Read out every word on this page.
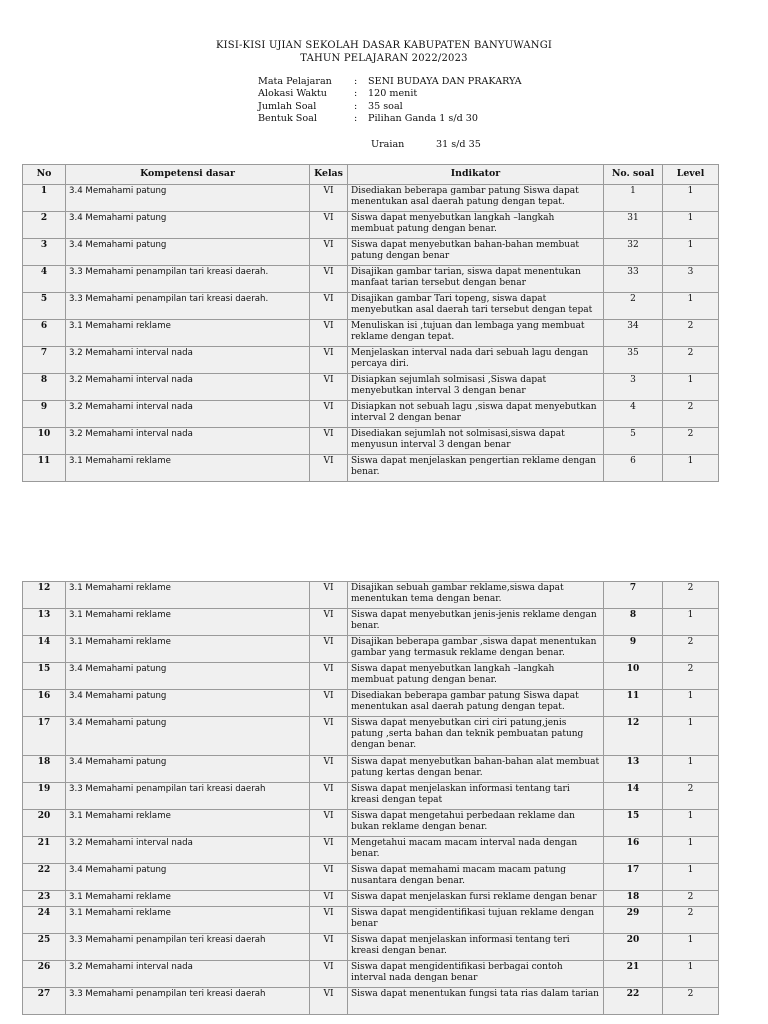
KISI-KISI UJIAN SEKOLAH DASAR KABUPATEN BANYUWANGI
TAHUN PELAJARAN 2022/2023
Mata Pelajaran	:	SENI BUDAYA DAN PRAKARYA
Alokasi Waktu	:	120 menit
Jumlah Soal	:	35 soal
Bentuk Soal	:	Pilihan Ganda 1 s/d 30
Uraian	31 s/d 35
No	Kompetensi dasar	Kelas	Indikator	No. soal	Level
1	3.4 Memahami patung	VI	Disediakan beberapa gambar patung Siswa dapat menentukan asal daerah patung dengan tepat.	1	1
2	3.4 Memahami patung	VI	Siswa dapat menyebutkan langkah –langkah membuat patung dengan benar.	31	1
3	3.4 Memahami patung	VI	Siswa dapat menyebutkan bahan-bahan membuat patung dengan benar	32	1
4	3.3 Memahami penampilan tari kreasi daerah.	VI	Disajikan gambar tarian, siswa dapat menentukan manfaat tarian tersebut dengan benar	33	3
5	3.3 Memahami penampilan tari kreasi daerah.	VI	Disajikan gambar Tari topeng, siswa dapat menyebutkan asal daerah tari tersebut dengan tepat	2	1
6	3.1 Memahami reklame	VI	Menuliskan isi ,tujuan dan lembaga yang membuat reklame dengan tepat.	34	2
7	3.2 Memahami interval nada	VI	Menjelaskan interval nada dari sebuah lagu dengan percaya diri.	35	2
8	3.2 Memahami interval nada	VI	Disiapkan sejumlah solmisasi ,Siswa dapat menyebutkan interval 3 dengan benar	3	1
9	3.2 Memahami interval nada	VI	Disiapkan not sebuah lagu ,siswa dapat menyebutkan interval 2 dengan benar	4	2
10	3.2 Memahami interval nada	VI	Disediakan sejumlah not solmisasi,siswa dapat menyusun interval 3 dengan benar	5	2
11	3.1 Memahami reklame	VI	Siswa dapat menjelaskan pengertian reklame dengan benar.	6	1
12	3.1 Memahami reklame	VI	Disajikan sebuah gambar reklame,siswa dapat menentukan tema dengan benar.	7	2
13	3.1 Memahami reklame	VI	Siswa dapat menyebutkan jenis-jenis reklame dengan benar.	8	1
14	3.1 Memahami reklame	VI	Disajikan beberapa gambar ,siswa dapat menentukan gambar yang termasuk reklame dengan benar.	9	2
15	3.4 Memahami patung	VI	Siswa dapat menyebutkan langkah –langkah membuat patung dengan benar.	10	2
16	3.4 Memahami patung	VI	Disediakan beberapa gambar patung Siswa dapat menentukan asal daerah patung dengan tepat.	11	1
17	3.4 Memahami patung	VI	Siswa dapat menyebutkan ciri ciri patung,jenis patung ,serta bahan dan teknik pembuatan patung dengan benar.	12	1
18	3.4 Memahami patung	VI	Siswa dapat menyebutkan bahan-bahan alat membuat patung kertas dengan benar.	13	1
19	3.3 Memahami penampilan tari kreasi daerah	VI	Siswa dapat menjelaskan informasi tentang tari kreasi dengan tepat	14	2
20	3.1 Memahami reklame	VI	Siswa dapat mengetahui perbedaan reklame dan bukan reklame dengan benar.	15	1
21	3.2 Memahami interval nada	VI	Mengetahui macam macam interval nada dengan benar.	16	1
22	3.4 Memahami patung	VI	Siswa dapat memahami macam macam patung nusantara dengan benar.	17	1
23	3.1 Memahami reklame	VI	Siswa dapat menjelaskan fursi reklame dengan benar	18	2
24	3.1 Memahami reklame	VI	Siswa dapat mengidentifikasi tujuan reklame dengan benar	29	2
25	3.3 Memahami penampilan teri kreasi daerah	VI	Siswa dapat menjelaskan informasi tentang teri kreasi dengan benar.	20	1
26	3.2 Memahami interval nada	VI	Siswa dapat mengidentifikasi berbagai contoh interval nada dengan benar	21	1
27	3.3 Memahami penampilan teri kreasi daerah	VI	Siswa dapat menentukan fungsi tata rias dalam tarian	22	2
